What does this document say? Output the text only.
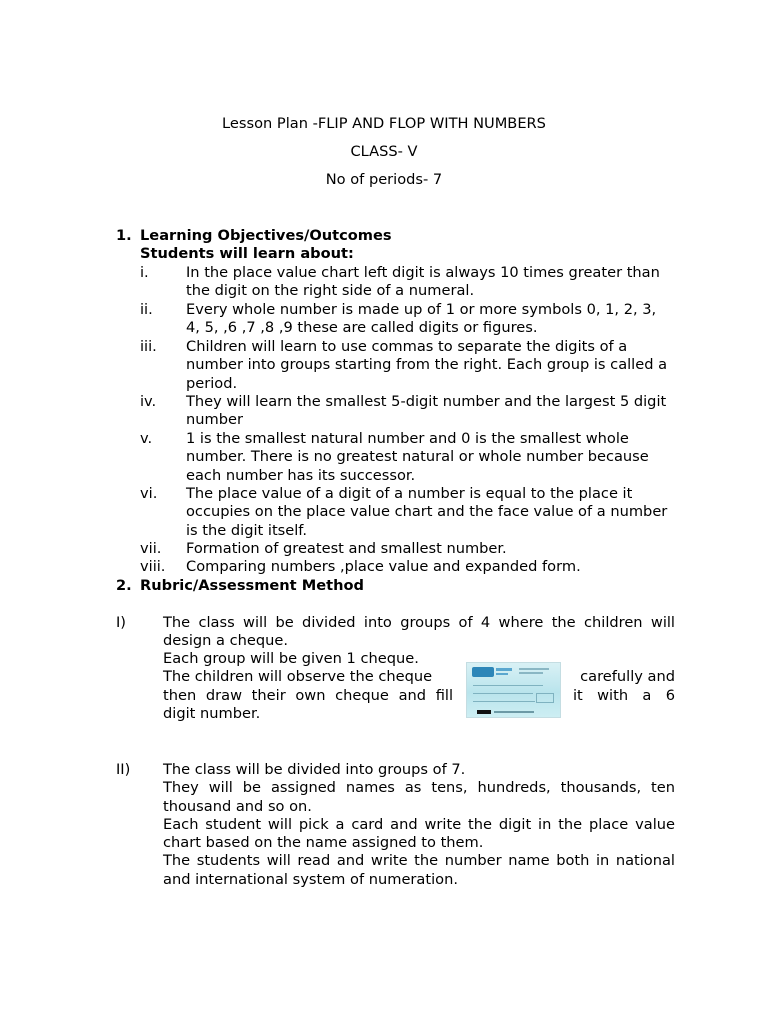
Lesson Plan -FLIP AND FLOP WITH NUMBERS
CLASS- V
No of periods- 7
1. Learning Objectives/Outcomes
Students will learn about:
i.	In the place value chart left digit is always 10 times greater than the digit on the right side of a numeral.
ii.	Every whole number is made up of 1 or more symbols 0, 1, 2, 3, 4, 5, ,6 ,7 ,8 ,9 these are called digits or figures.
iii.	Children will learn to use commas to separate the digits of a number into groups starting from the right. Each group is called a period.
iv.	They will learn the smallest 5-digit number and the largest 5 digit number
v.	1 is the smallest natural number and 0 is the smallest whole number. There is no greatest natural or whole number because each number has its successor.
vi.	The place value of a digit of a number is equal to the place it occupies on the place value chart and the face value of a number is the digit itself.
vii.	Formation of greatest and smallest number.
viii.	Comparing numbers ,place value and expanded form.
2. Rubric/Assessment Method
I)	The class will be divided into groups of 4 where the children will design a cheque.
Each group will be given 1 cheque.
The children will observe the cheque	carefully and
then draw their own cheque and fill	it with a 6
digit number.
II) The class will be divided into groups of 7.

They will be assigned names as tens, hundreds, thousands, ten thousand and so on.

Each student will pick a card and write the digit in the place value chart based on the name assigned to them.

The students will read and write the number name both in national and international system of numeration.
